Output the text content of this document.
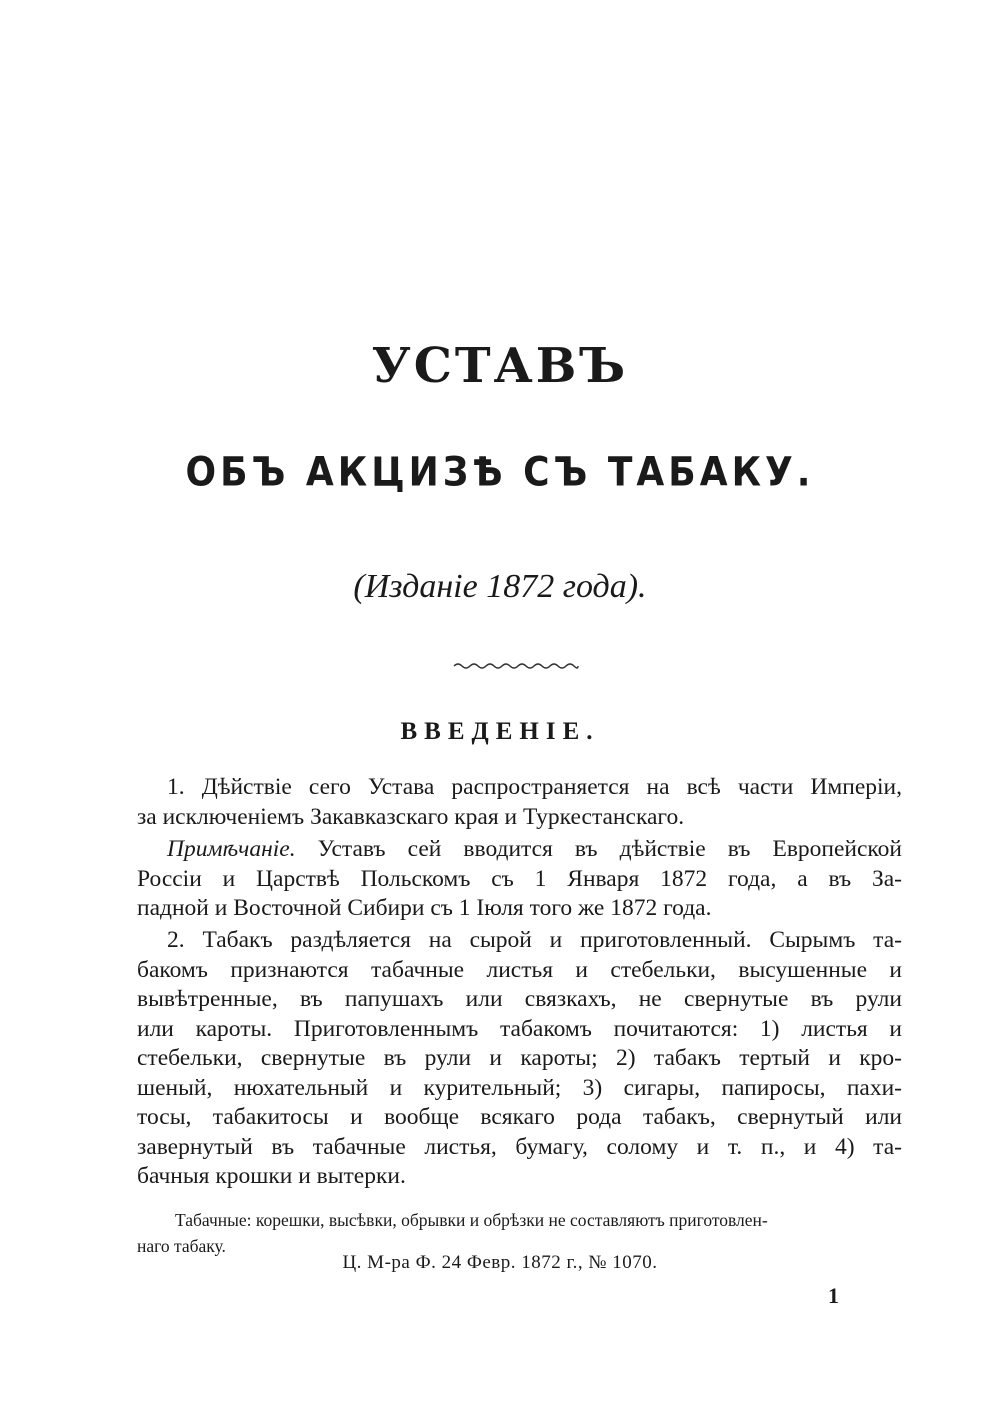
УСТАВЪ
ОБЪ АКЦИЗѢ СЪ ТАБАКУ.

(Изданіе 1872 года).

ВВЕДЕНІЕ.
1. Дѣйствіе сего Устава распространяется на всѣ части Имперіи,
за исключеніемъ Закавказскаго края и Туркестанскаго.
Примѣчаніе. Уставъ сей вводится въ дѣйствіе въ Европейской
Россіи и Царствѣ Польскомъ съ 1 Января 1872 года, а въ За-
падной и Восточной Сибири съ 1 Іюля того же 1872 года.
2. Табакъ раздѣляется на сырой и приготовленный. Сырымъ та-
бакомъ признаются табачные листья и стебельки, высушенные и
вывѣтренные, въ папушахъ или связкахъ, не свернутые въ рули
или кароты. Приготовленнымъ табакомъ почитаются: 1) листья и
стебельки, свернутые въ рули и кароты; 2) табакъ тертый и кро-
шеный, нюхательный и курительный; 3) сигары, папиросы, пахи-
тосы, табакитосы и вообще всякаго рода табакъ, свернутый или
завернутый въ табачные листья, бумагу, солому и т. п., и 4) та-
бачныя крошки и вытерки.
Табачные: корешки, высѣвки, обрывки и обрѣзки не составляютъ приготовлен-
наго табаку.

Ц. М-ра Ф. 24 Февр. 1872 г., № 1070.

1
